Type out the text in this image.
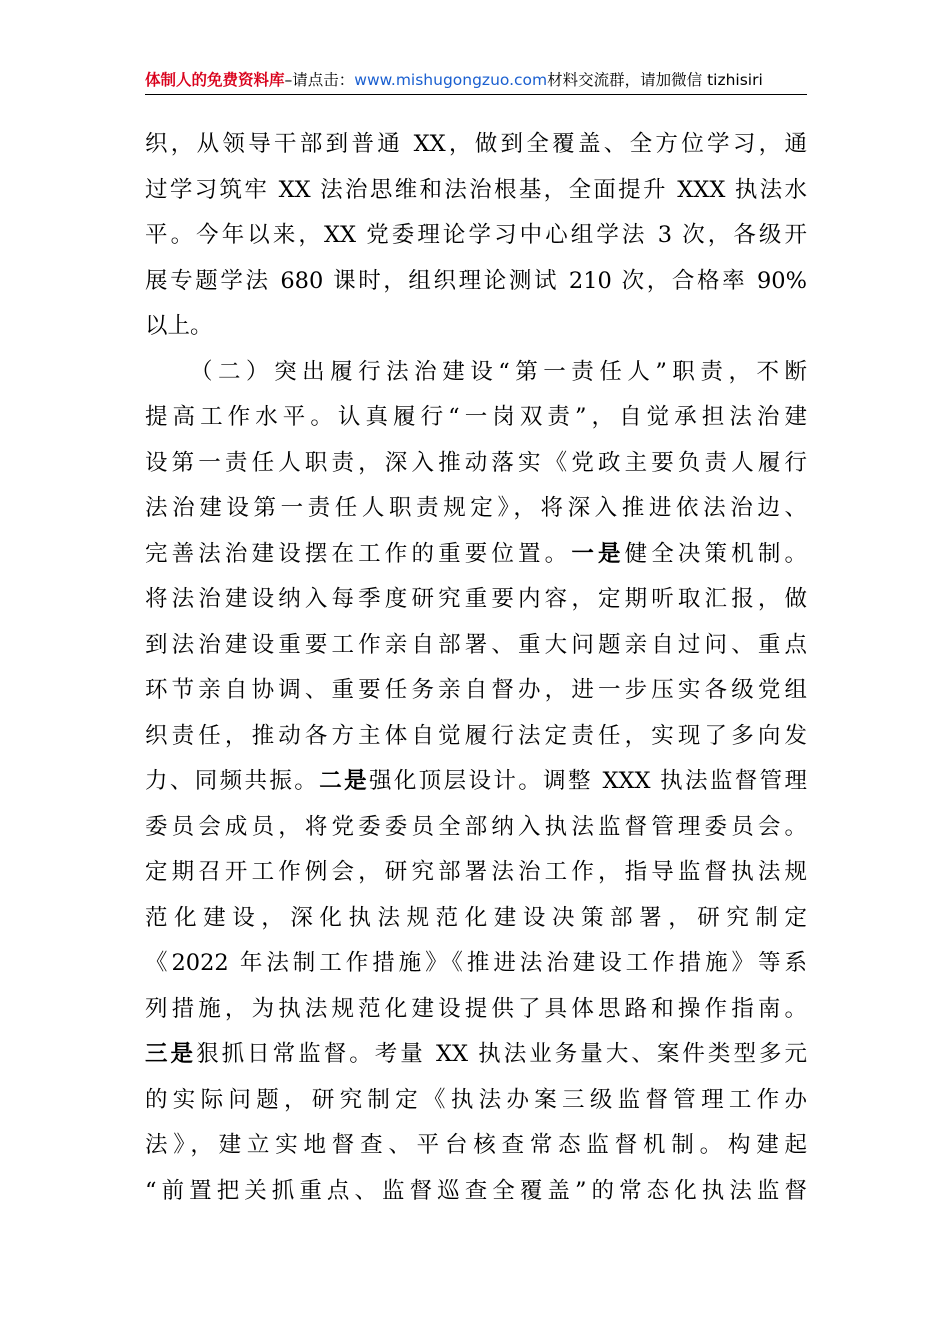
体制人的免费资料库–请点击：www.mishugongzuo.com材料交流群，请加微信 tizhisiri

织，从领导干部到普通 XX，做到全覆盖、全方位学习，通
过学习筑牢 XX 法治思维和法治根基，全面提升 XXX 执法水
平。今年以来，XX 党委理论学习中心组学法 3 次，各级开
展专题学法 680 课时，组织理论测试 210 次，合格率 90%
以上。

（二）突出履行法治建设“第一责任人”职责，不断
提高工作水平。认真履行“一岗双责”，自觉承担法治建
设第一责任人职责，深入推动落实《党政主要负责人履行
法治建设第一责任人职责规定》，将深入推进依法治边、
完善法治建设摆在工作的重要位置。一是健全决策机制。
将法治建设纳入每季度研究重要内容，定期听取汇报，做
到法治建设重要工作亲自部署、重大问题亲自过问、重点
环节亲自协调、重要任务亲自督办，进一步压实各级党组
织责任，推动各方主体自觉履行法定责任，实现了多向发
力、同频共振。二是强化顶层设计。调整 XXX 执法监督管理
委员会成员，将党委委员全部纳入执法监督管理委员会。
定期召开工作例会，研究部署法治工作，指导监督执法规
范化建设，深化执法规范化建设决策部署，研究制定
《2022 年法制工作措施》《推进法治建设工作措施》等系
列措施，为执法规范化建设提供了具体思路和操作指南。
三是狠抓日常监督。考量 XX 执法业务量大、案件类型多元
的实际问题，研究制定《执法办案三级监督管理工作办
法》，建立实地督查、平台核查常态监督机制。构建起
“前置把关抓重点、监督巡查全覆盖”的常态化执法监督
